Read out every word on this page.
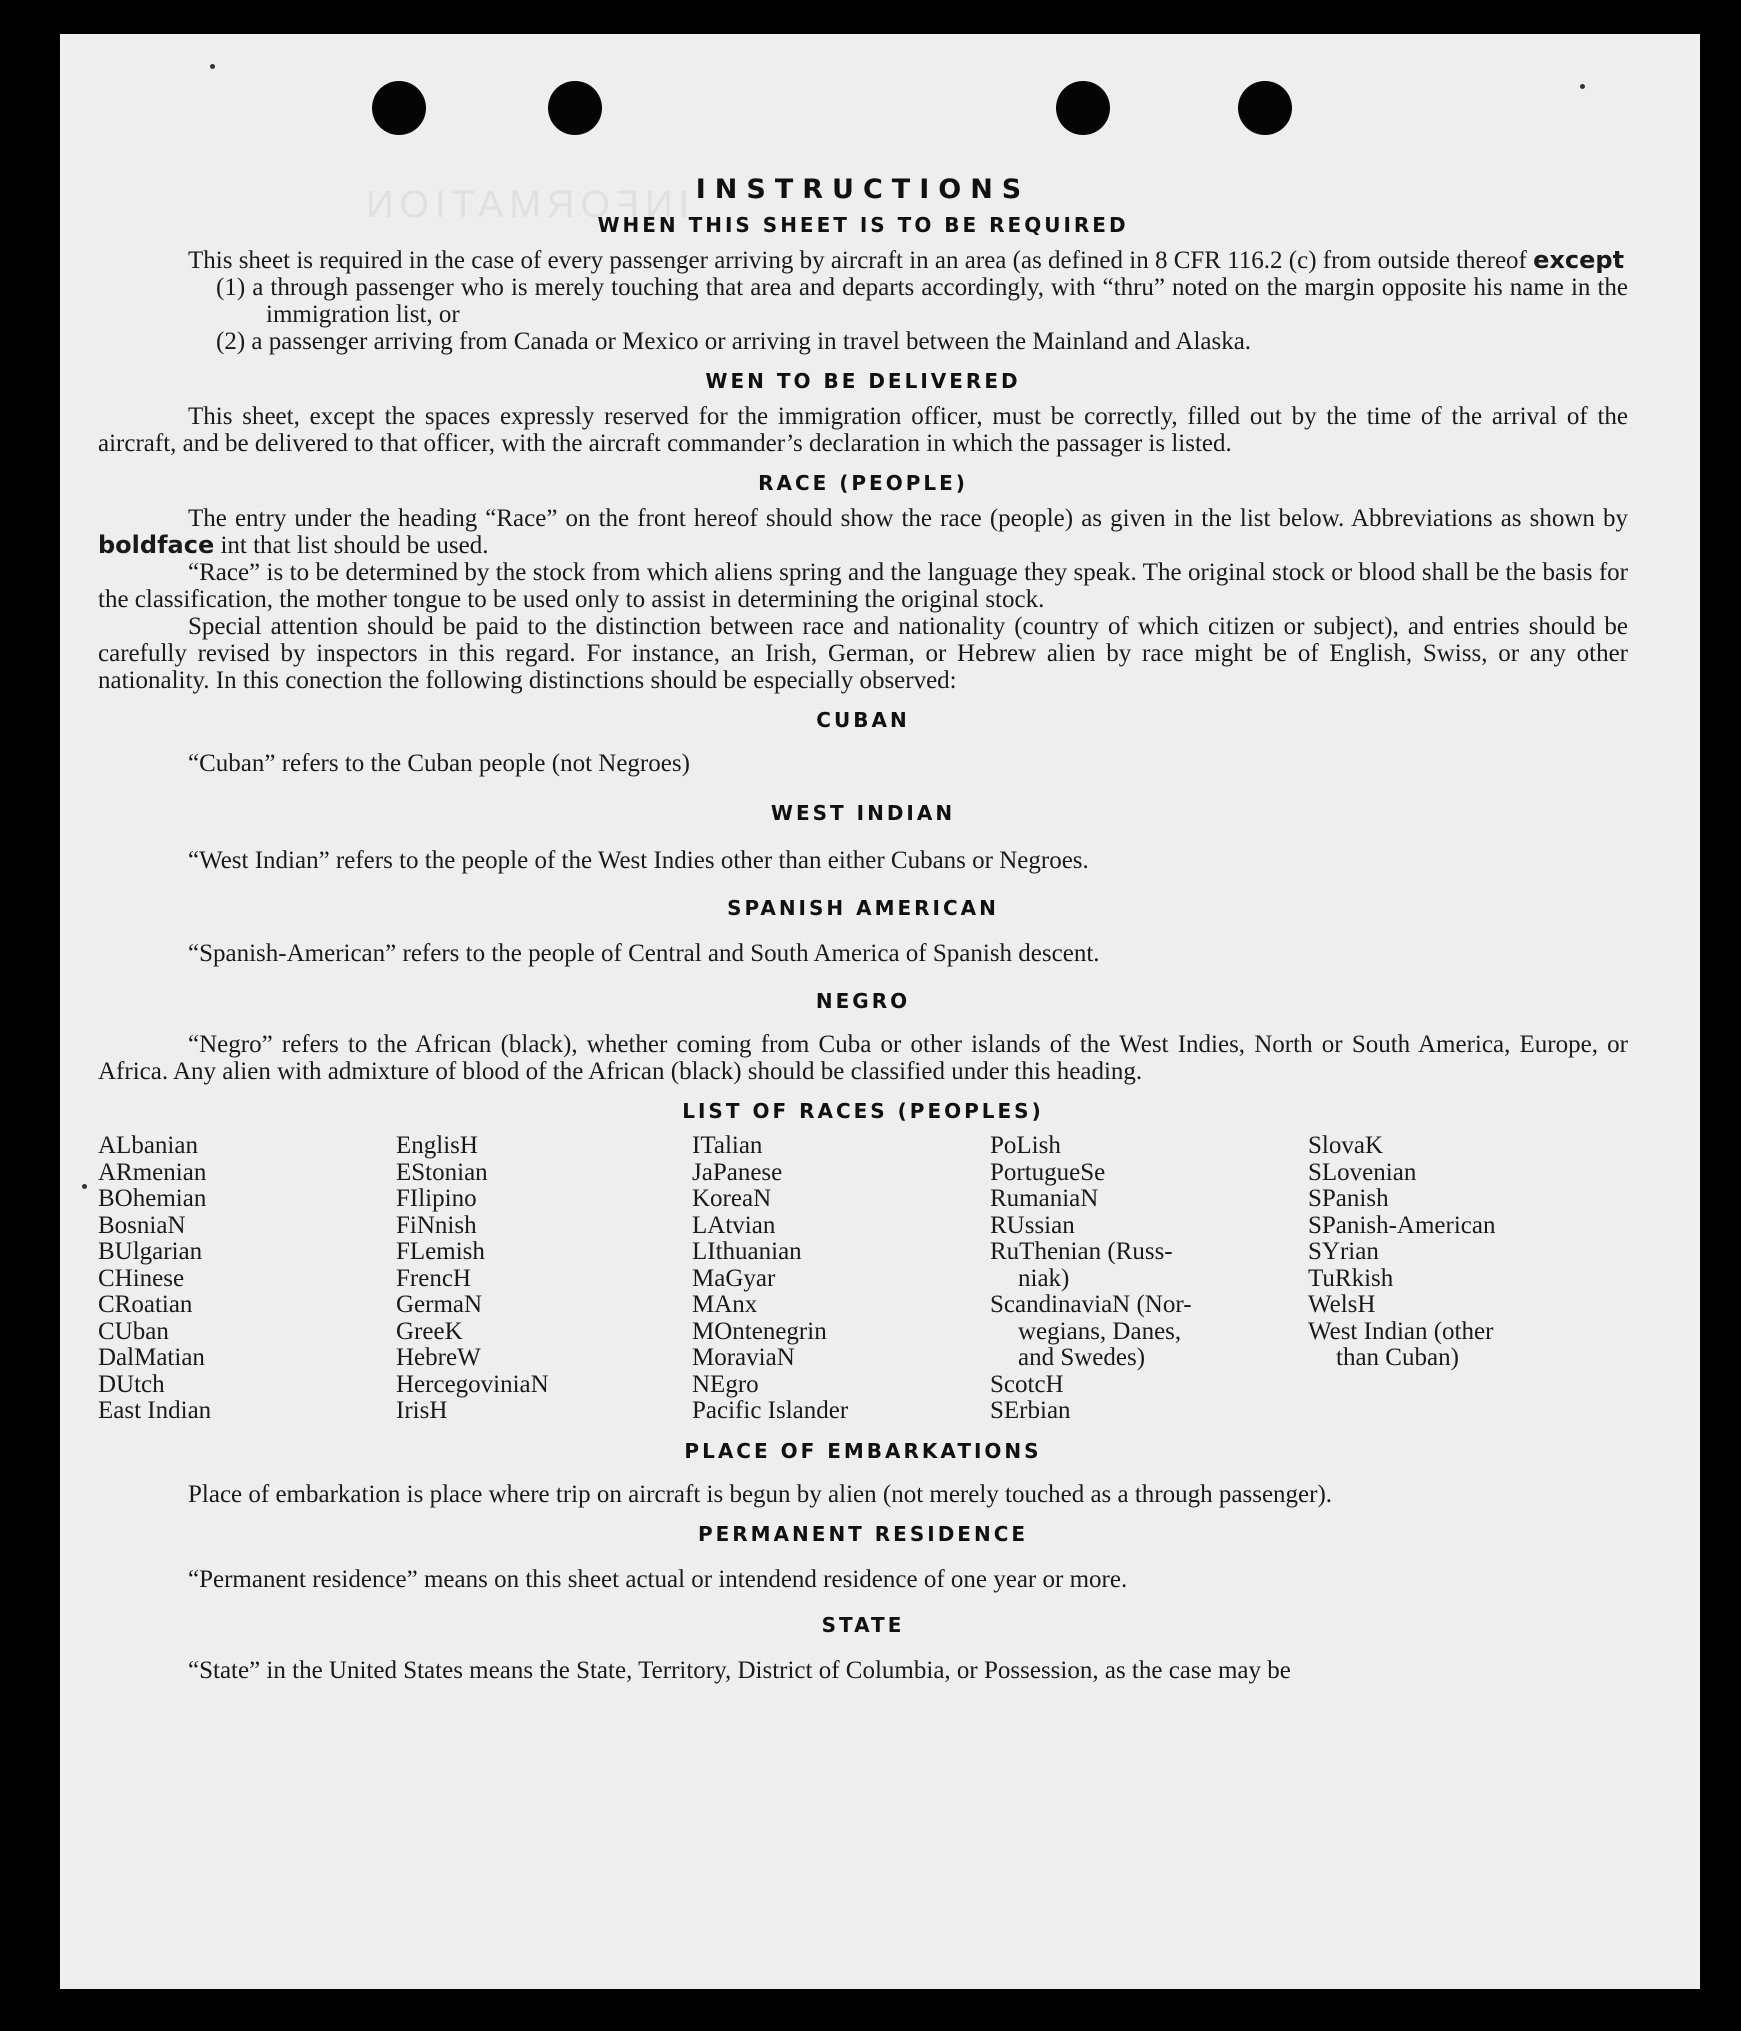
INFORMATION INSTRUCTIONS
WHEN THIS SHEET IS TO BE REQUIRED

This sheet is required in the case of every passenger arriving by aircraft in an area (as defined in 8 CFR 116.2 (c) from outside thereof except

(1) a through passenger who is merely touching that area and departs accordingly, with “thru” noted on the margin opposite his name in the immigration list, or

(2) a passenger arriving from Canada or Mexico or arriving in travel between the Mainland and Alaska.

WEN TO BE DELIVERED

This sheet, except the spaces expressly reserved for the immigration officer, must be correctly, filled out by the time of the arrival of the aircraft, and be delivered to that officer, with the aircraft commander’s declaration in which the passager is listed.

RACE (PEOPLE)

The entry under the heading “Race” on the front hereof should show the race (people) as given in the list below. Abbreviations as shown by boldface int that list should be used.

“Race” is to be determined by the stock from which aliens spring and the language they speak. The original stock or blood shall be the basis for the classification, the mother tongue to be used only to assist in determining the original stock.

Special attention should be paid to the distinction between race and nationality (country of which citizen or subject), and entries should be carefully revised by inspectors in this regard. For instance, an Irish, German, or Hebrew alien by race might be of English, Swiss, or any other nationality. In this conection the following distinctions should be especially observed:

CUBAN

“Cuban” refers to the Cuban people (not Negroes)

WEST INDIAN

“West Indian” refers to the people of the West Indies other than either Cubans or Negroes.

SPANISH AMERICAN

“Spanish-American” refers to the people of Central and South America of Spanish descent.

NEGRO

“Negro” refers to the African (black), whether coming from Cuba or other islands of the West Indies, North or South America, Europe, or Africa. Any alien with admixture of blood of the African (black) should be classified under this heading.

LIST OF RACES (PEOPLES)
ALbanian
ARmenian
BOhemian
BosniaN
BUlgarian
CHinese
CRoatian
CUban
DalMatian
DUtch
East Indian
EnglisH
EStonian
FIlipino
FiNnish
FLemish
FrencH
GermaN
GreeK
HebreW
HercegoviniaN
IrisH
ITalian
JaPanese
KoreaN
LAtvian
LIthuanian
MaGyar
MAnx
MOntenegrin
MoraviaN
NEgro
Pacific Islander
PoLish
PortugueSe
RumaniaN
RUssian
RuThenian (Russ-
niak)
ScandinaviaN (Nor-
wegians, Danes,
and Swedes)
ScotcH
SErbian
SlovaK
SLovenian
SPanish
SPanish-American
SYrian
TuRkish
WelsH
West Indian (other
than Cuban)
PLACE OF EMBARKATIONS

Place of embarkation is place where trip on aircraft is begun by alien (not merely touched as a through passenger).

PERMANENT RESIDENCE

“Permanent residence” means on this sheet actual or intendend residence of one year or more.

STATE

“State” in the United States means the State, Territory, District of Columbia, or Possession, as the case may be
